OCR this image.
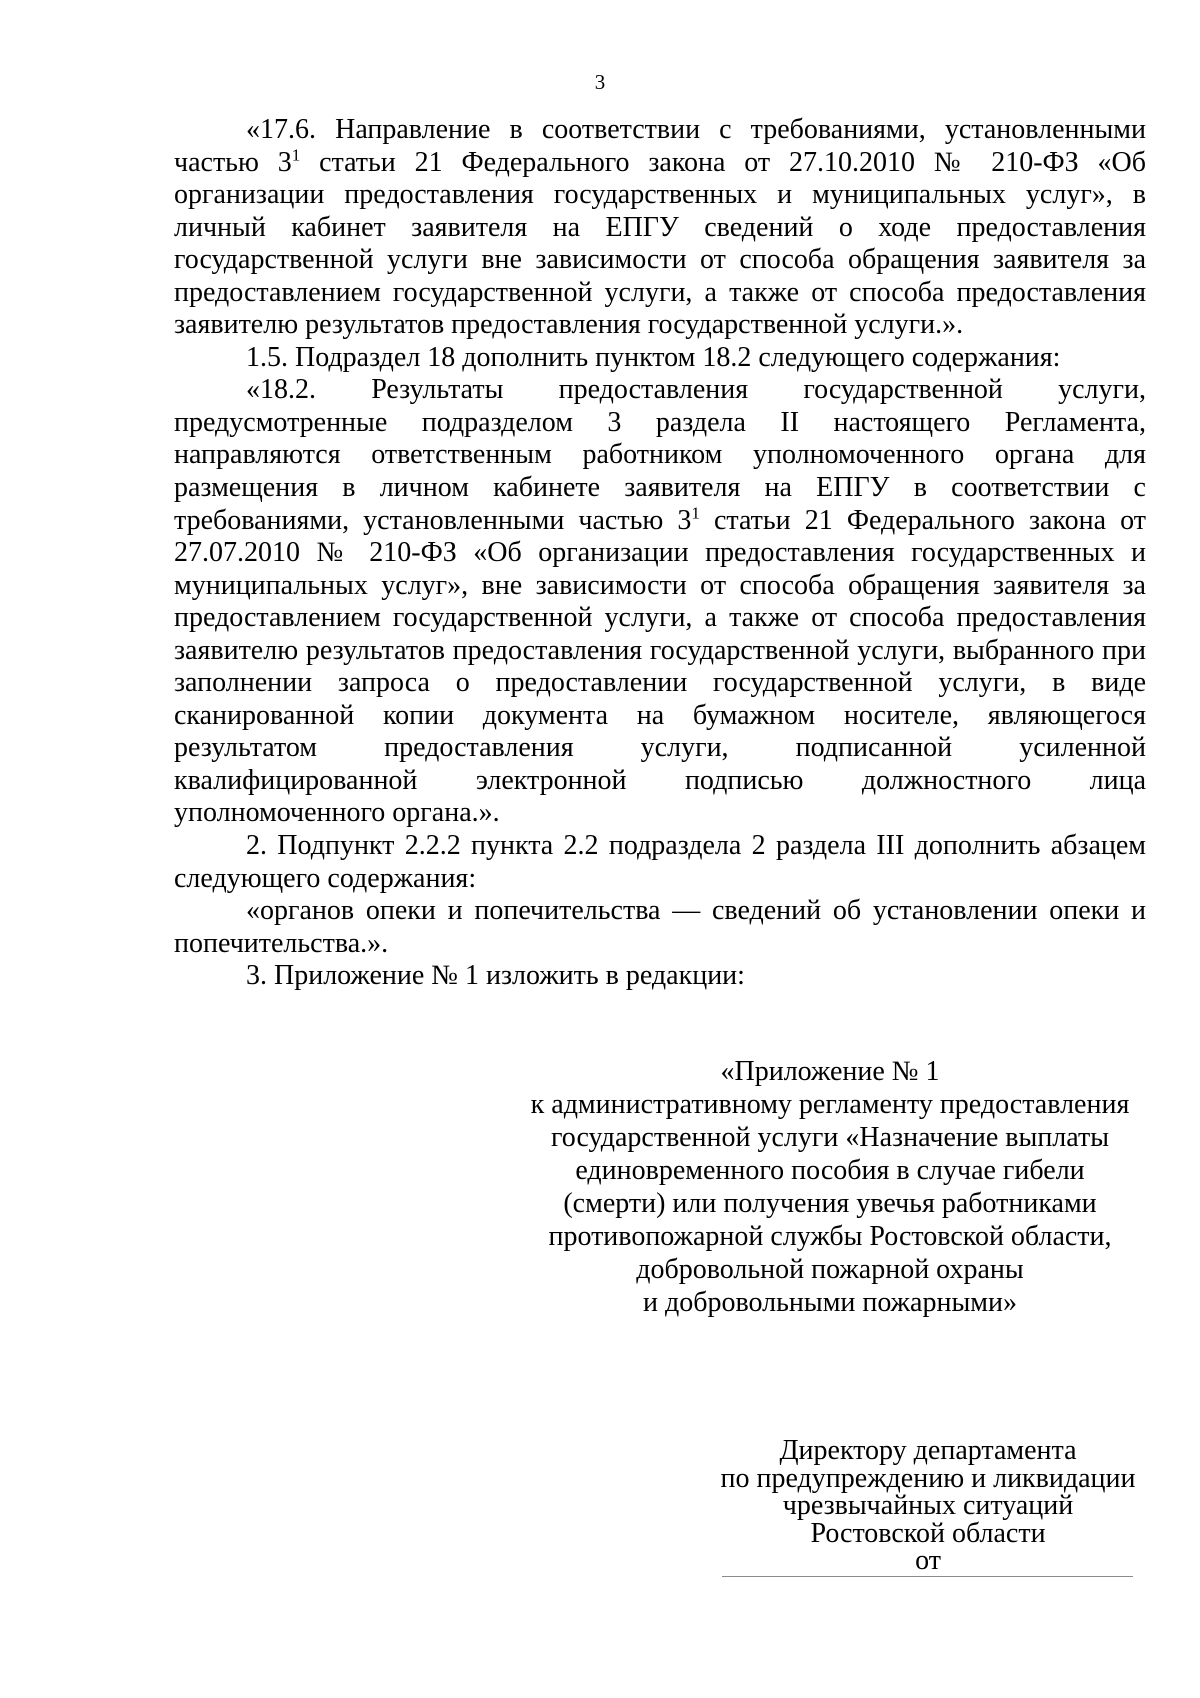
3

«17.6. Направление в соответствии с требованиями, установленными частью $3^1$ статьи 21 Федерального закона от 27.10.2010 № 210-ФЗ «Об организации предоставления государственных и муниципальных услуг», в личный кабинет заявителя на ЕПГУ сведений о ходе предоставления государственной услуги вне зависимости от способа обращения заявителя за предоставлением государственной услуги, а также от способа предоставления заявителю результатов предоставления государственной услуги.».

1.5. Подраздел 18 дополнить пунктом 18.2 следующего содержания:

«18.2. Результаты предоставления государственной услуги, предусмотренные подразделом 3 раздела II настоящего Регламента, направляются ответственным работником уполномоченного органа для размещения в личном кабинете заявителя на ЕПГУ в соответствии с требованиями, установленными частью $3^1$ статьи 21 Федерального закона от 27.07.2010 № 210-ФЗ «Об организации предоставления государственных и муниципальных услуг», вне зависимости от способа обращения заявителя за предоставлением государственной услуги, а также от способа предоставления заявителю результатов предоставления государственной услуги, выбранного при заполнении запроса о предоставлении государственной услуги, в виде сканированной копии документа на бумажном носителе, являющегося результатом предоставления услуги, подписанной усиленной квалифицированной электронной подписью должностного лица уполномоченного органа.».

2. Подпункт 2.2.2 пункта 2.2 подраздела 2 раздела III дополнить абзацем следующего содержания:

«органов опеки и попечительства — сведений об установлении опеки и попечительства.».

3. Приложение № 1 изложить в редакции:

«Приложение № 1
к административному регламенту предоставления
государственной услуги «Назначение выплаты
единовременного пособия в случае гибели
(смерти) или получения увечья работниками
противопожарной службы Ростовской области,
добровольной пожарной охраны
и добровольными пожарными»
Директору департамента
по предупреждению и ликвидации
чрезвычайных ситуаций
Ростовской области
от
